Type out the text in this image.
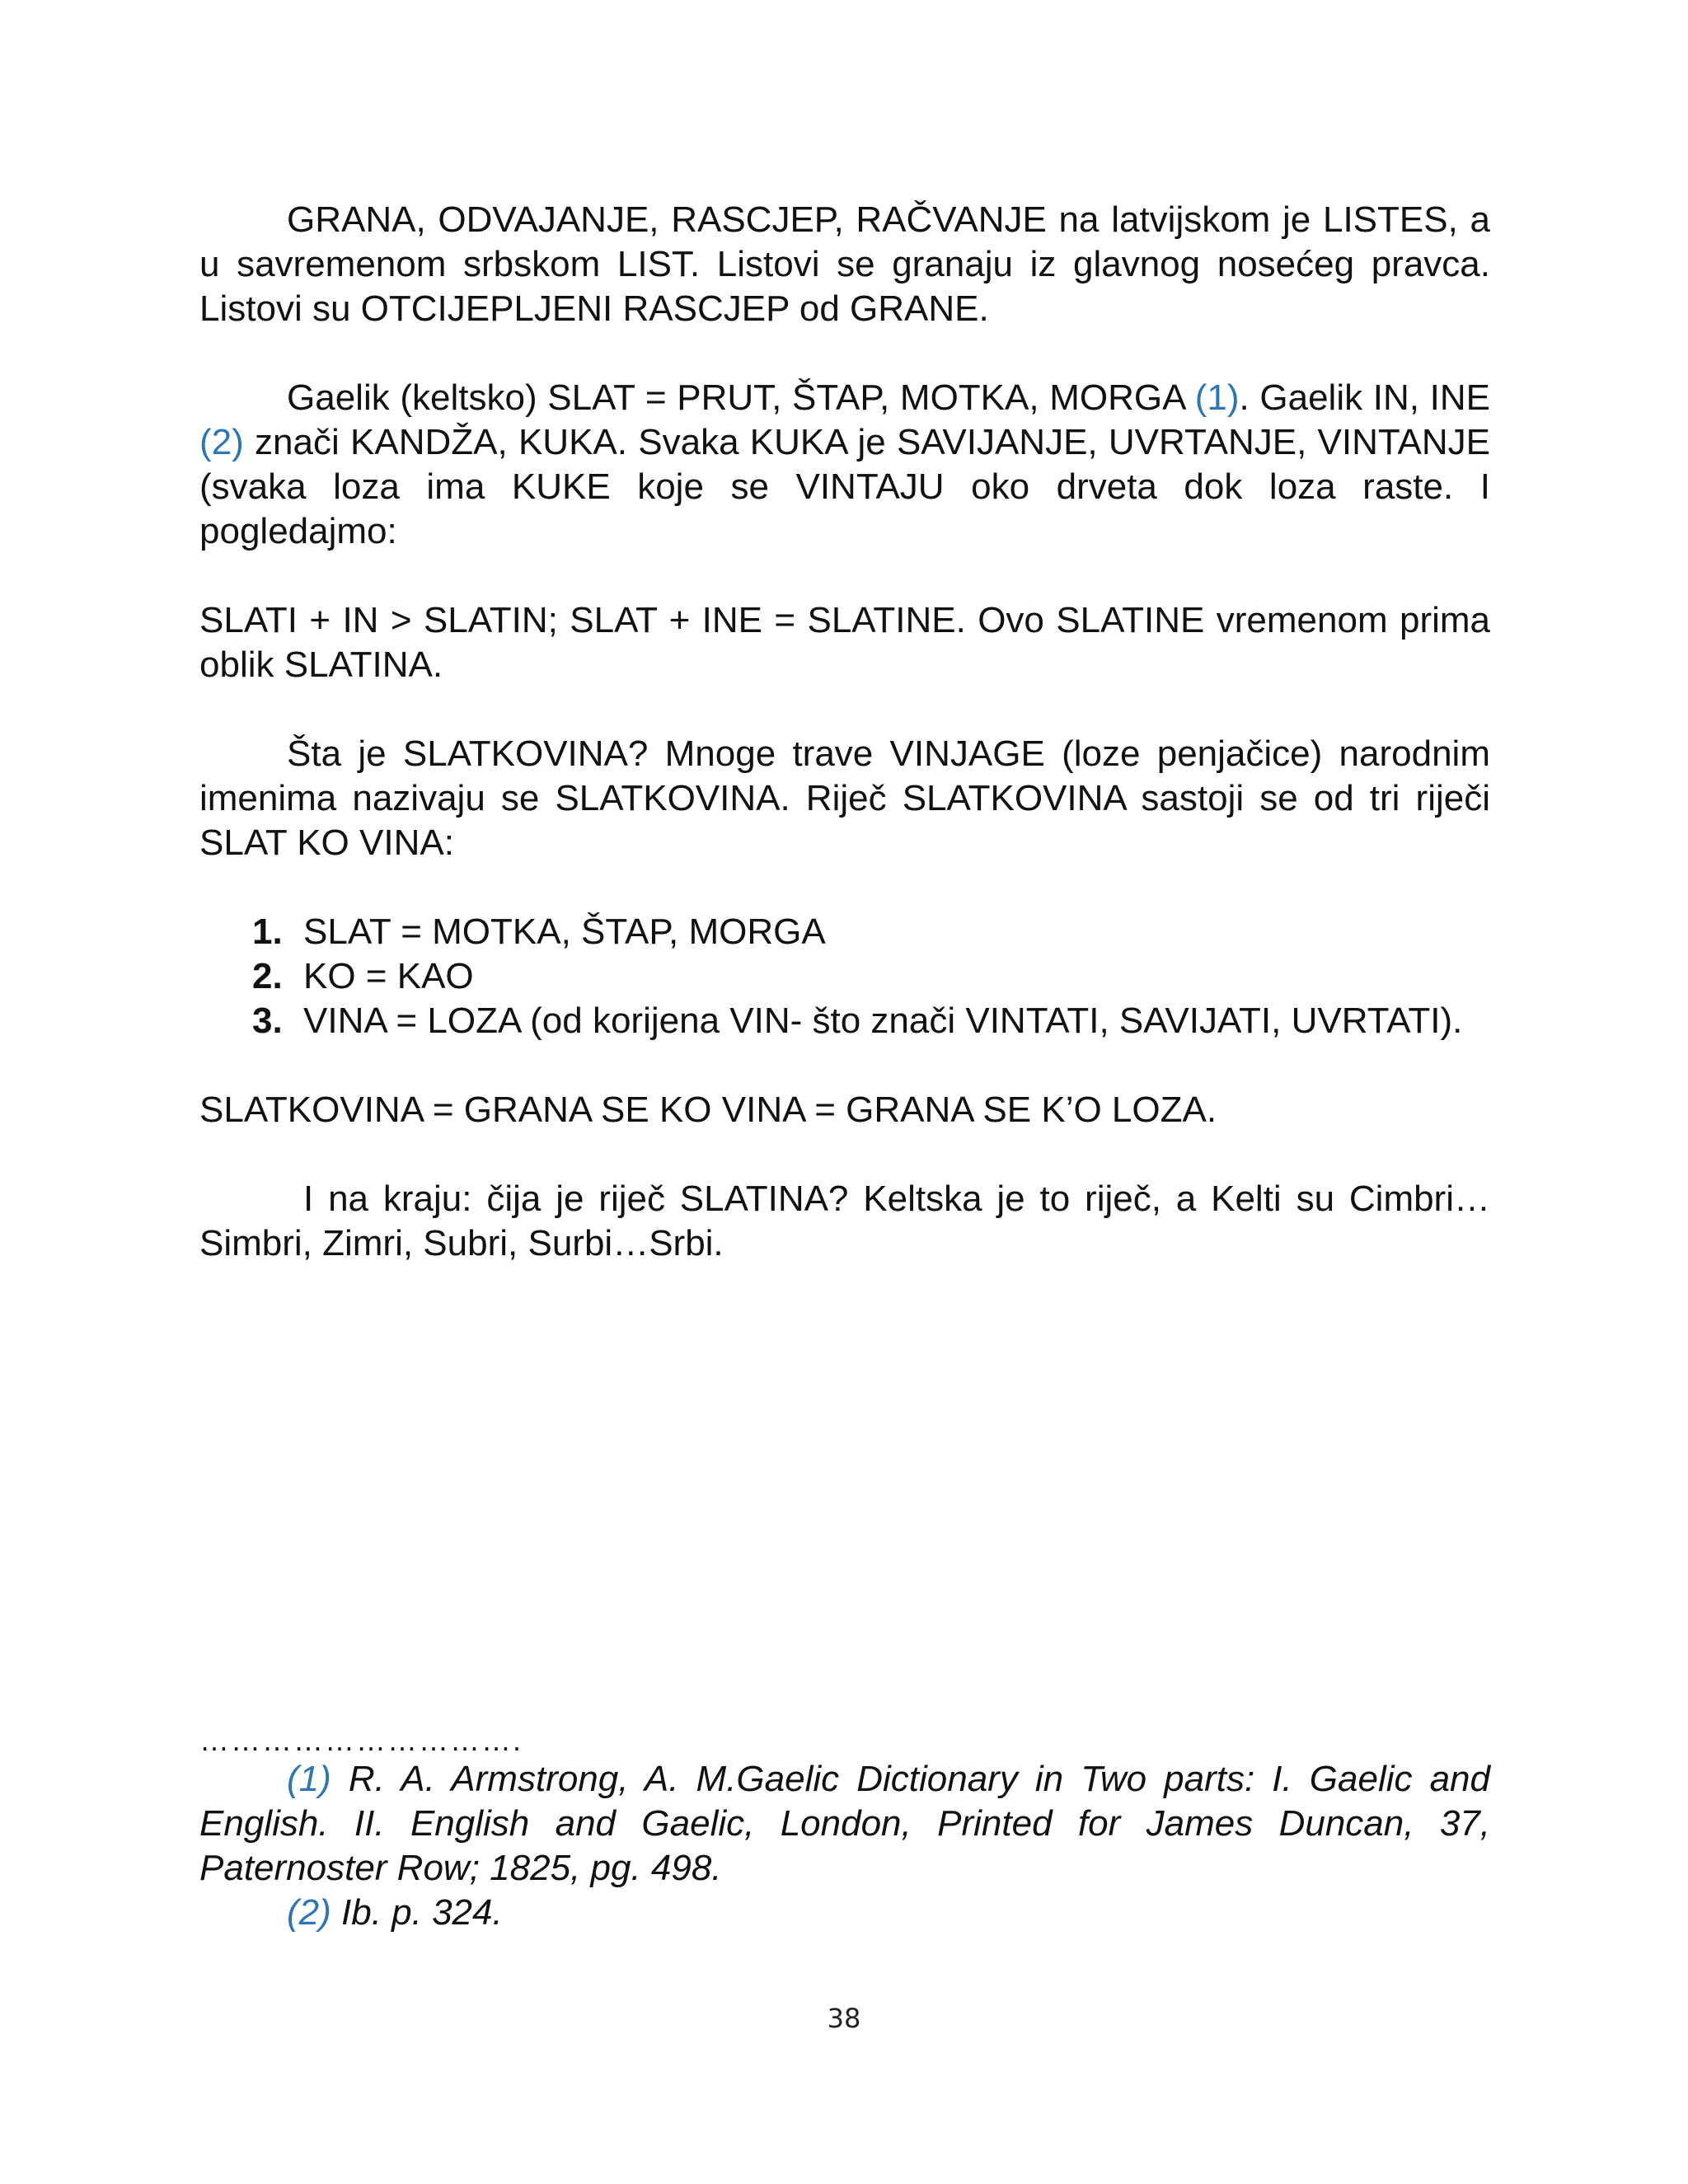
GRANA, ODVAJANJE, RASCJEP, RAČVANJE na latvijskom je LISTES, a u savremenom srbskom LIST. Listovi se granaju iz glavnog nosećeg pravca. Listovi su OTCIJEPLJENI RASCJEP od GRANE.

Gaelik (keltsko) SLAT = PRUT, ŠTAP, MOTKA, MORGA (1). Gaelik IN, INE (2) znači KANDŽA, KUKA. Svaka KUKA je SAVIJANJE, UVRTANJE, VINTANJE (svaka loza ima KUKE koje se VINTAJU oko drveta dok loza raste. I pogledajmo:

SLATI + IN > SLATIN; SLAT + INE = SLATINE. Ovo SLATINE vremenom prima oblik SLATINA.

Šta je SLATKOVINA? Mnoge trave VINJAGE (loze penjačice) narodnim imenima nazivaju se SLATKOVINA. Riječ SLATKOVINA sastoji se od tri riječi SLAT KO VINA:

1. SLAT = MOTKA, ŠTAP, MORGA
2. KO = KAO
3. VINA = LOZA (od korijena VIN- što znači VINTATI, SAVIJATI, UVRTATI).

SLATKOVINA = GRANA SE KO VINA = GRANA SE K’O LOZA.

I na kraju: čija je riječ SLATINA? Keltska je to riječ, a Kelti su Cimbri…Simbri, Zimri, Subri, Surbi…Srbi.

………………………….

(1) R. A. Armstrong, A. M.Gaelic Dictionary in Two parts: I. Gaelic and English. II. English and Gaelic, London, Printed for James Duncan, 37, Paternoster Row; 1825, pg. 498.

(2) Ib. p. 324.

38
